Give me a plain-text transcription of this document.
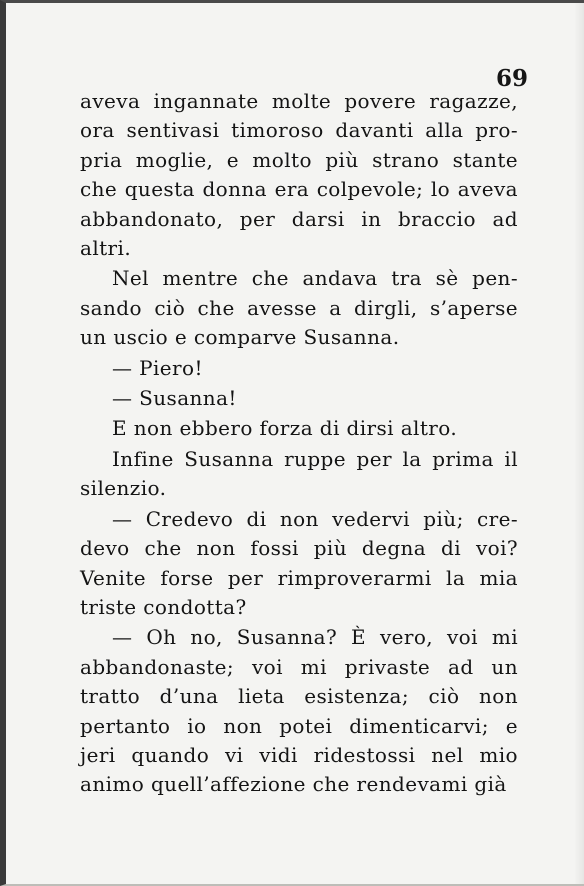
69

aveva ingannate molte povere ragazze,
ora sentivasi timoroso davanti alla pro-
pria moglie, e molto più strano stante
che questa donna era colpevole; lo aveva
abbandonato, per darsi in braccio ad
altri.

Nel mentre che andava tra sè pen-
sando ciò che avesse a dirgli, s’aperse
un uscio e comparve Susanna.

— Piero!

— Susanna!

E non ebbero forza di dirsi altro.

Infine Susanna ruppe per la prima il
silenzio.

— Credevo di non vedervi più; cre-
devo che non fossi più degna di voi?
Venite forse per rimproverarmi la mia
triste condotta?

— Oh no, Susanna? È vero, voi mi
abbandonaste; voi mi privaste ad un
tratto d’una lieta esistenza; ciò non
pertanto io non potei dimenticarvi; e
jeri quando vi vidi ridestossi nel mio
animo quell’affezione che rendevami già
